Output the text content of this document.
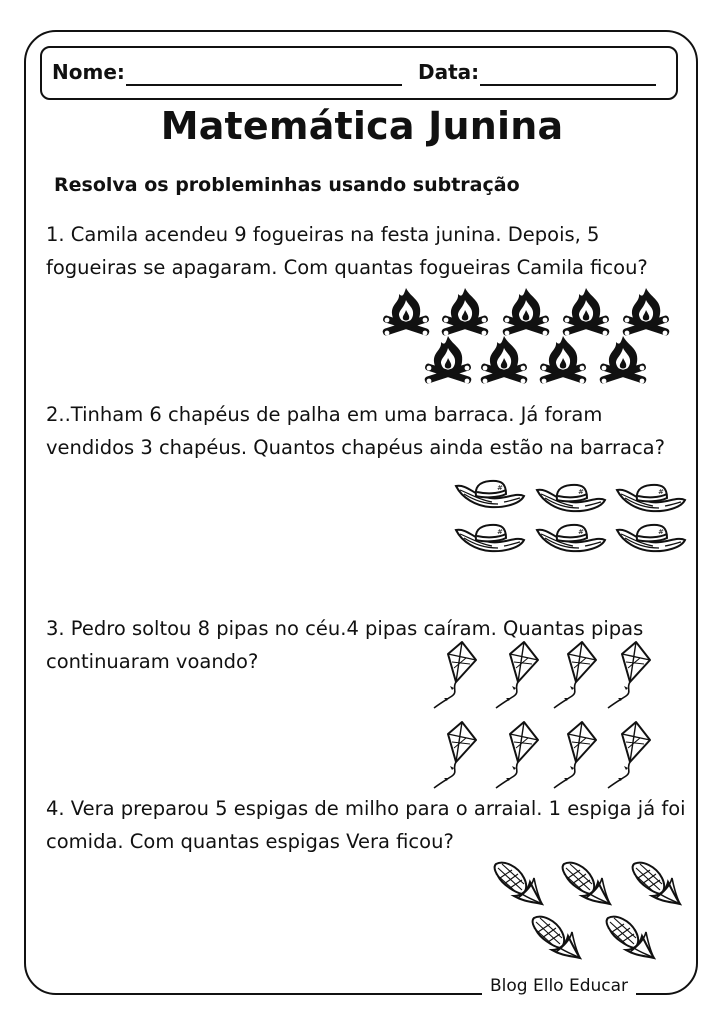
Nome:	Data:
Matemática Junina
Resolva os probleminhas usando subtração
1. Camila acendeu 9 fogueiras na festa junina. Depois, 5 fogueiras se apagaram. Com quantas fogueiras Camila ficou?
2..Tinham 6 chapéus de palha em uma barraca. Já foram vendidos 3 chapéus. Quantos chapéus ainda estão na barraca?
3. Pedro soltou 8 pipas no céu.4 pipas caíram. Quantas pipas continuaram voando?
4. Vera preparou 5 espigas de milho para o arraial. 1 espiga já foi comida. Com quantas espigas Vera ficou?
Blog Ello Educar
